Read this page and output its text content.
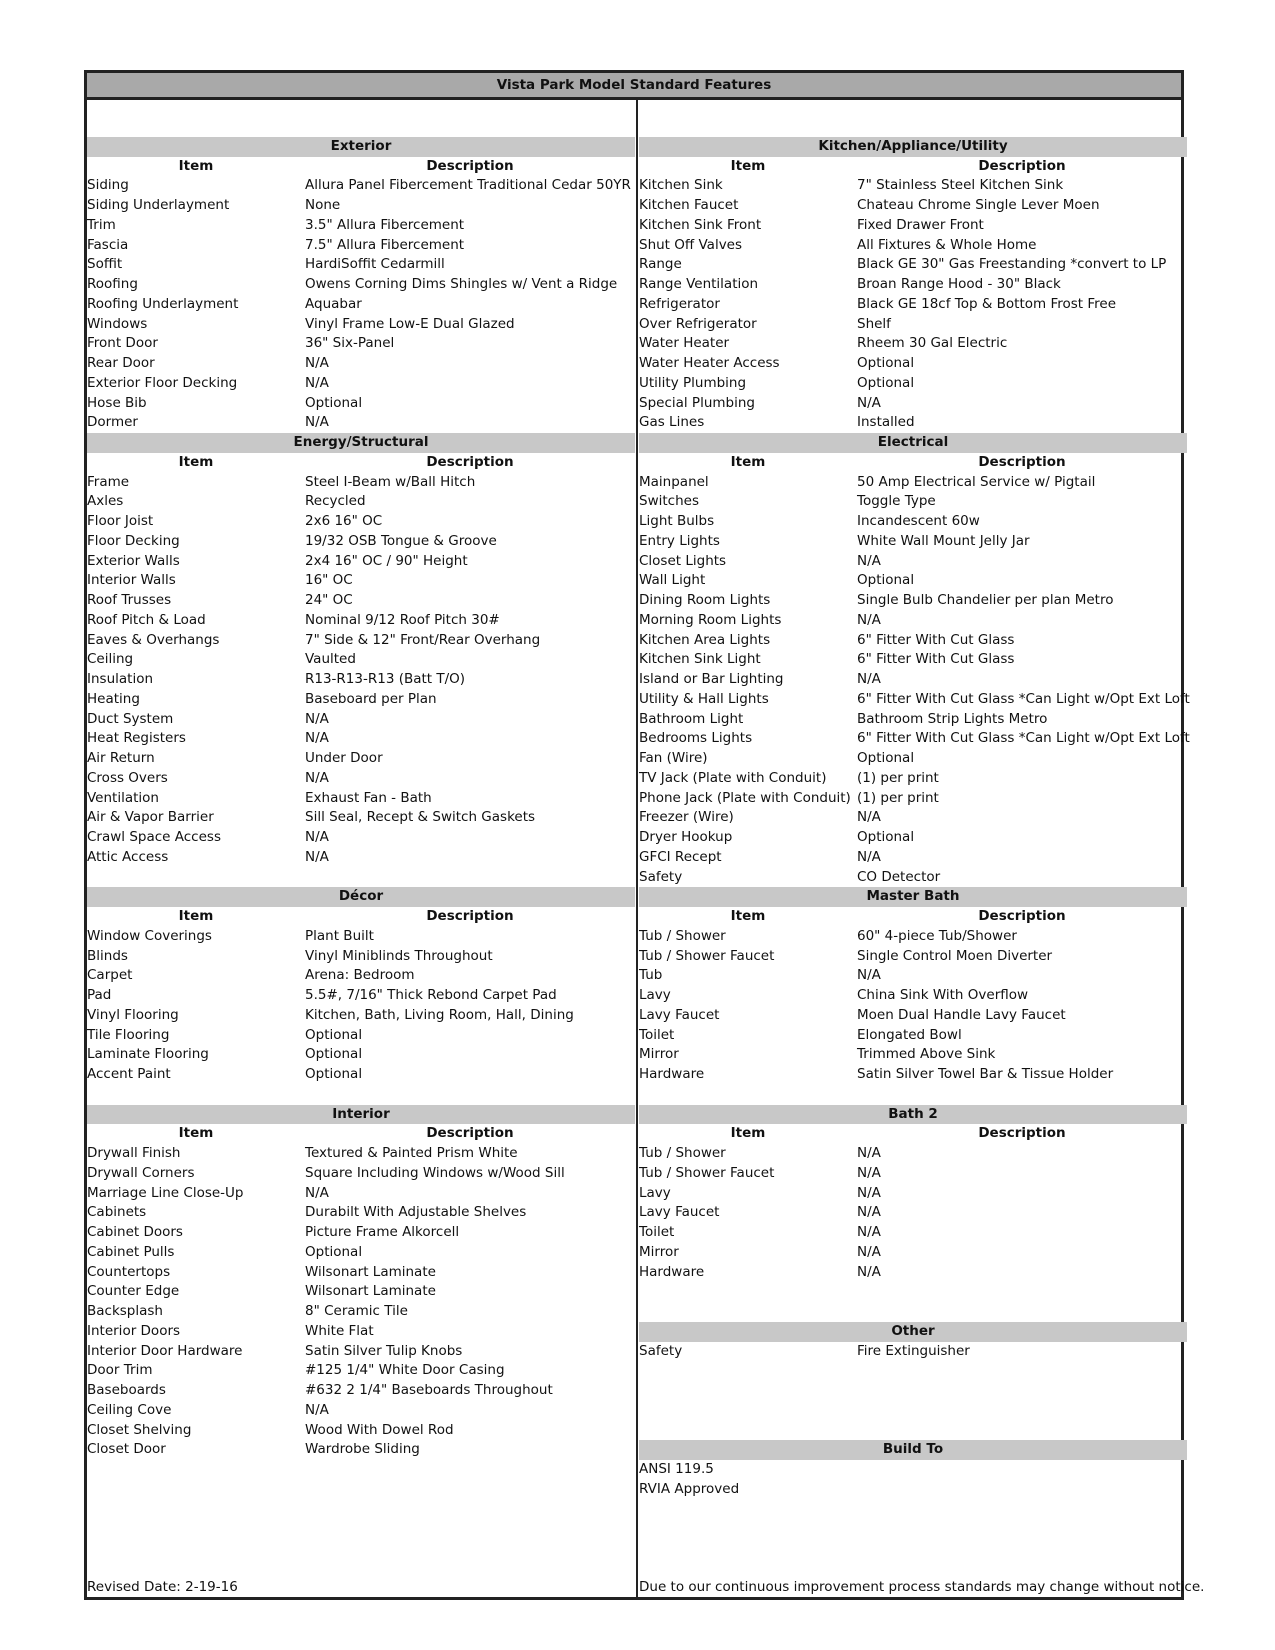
Vista Park Model Standard Features
Exterior
Item	Description
Siding	Allura Panel Fibercement Traditional Cedar 50YR
Siding Underlayment	None
Trim	3.5" Allura Fibercement
Fascia	7.5" Allura Fibercement
Soffit	HardiSoffit Cedarmill
Roofing	Owens Corning Dims Shingles w/ Vent a Ridge
Roofing Underlayment	Aquabar
Windows	Vinyl Frame Low-E Dual Glazed
Front Door	36" Six-Panel
Rear Door	N/A
Exterior Floor Decking	N/A
Hose Bib	Optional
Dormer	N/A
Energy/Structural
Item	Description
Frame	Steel I-Beam w/Ball Hitch
Axles	Recycled
Floor Joist	2x6 16" OC
Floor Decking	19/32 OSB Tongue & Groove
Exterior Walls	2x4 16" OC / 90" Height
Interior Walls	16" OC
Roof Trusses	24" OC
Roof Pitch & Load	Nominal 9/12 Roof Pitch 30#
Eaves & Overhangs	7" Side & 12" Front/Rear Overhang
Ceiling	Vaulted
Insulation	R13-R13-R13 (Batt T/O)
Heating	Baseboard per Plan
Duct System	N/A
Heat Registers	N/A
Air Return	Under Door
Cross Overs	N/A
Ventilation	Exhaust Fan - Bath
Air & Vapor Barrier	Sill Seal, Recept & Switch Gaskets
Crawl Space Access	N/A
Attic Access	N/A
Décor
Item	Description
Window Coverings	Plant Built
Blinds	Vinyl Miniblinds Throughout
Carpet	Arena: Bedroom
Pad	5.5#, 7/16" Thick Rebond Carpet Pad
Vinyl Flooring	Kitchen, Bath, Living Room, Hall, Dining
Tile Flooring	Optional
Laminate Flooring	Optional
Accent Paint	Optional
Interior
Item	Description
Drywall Finish	Textured & Painted Prism White
Drywall Corners	Square Including Windows w/Wood Sill
Marriage Line Close-Up	N/A
Cabinets	Durabilt With Adjustable Shelves
Cabinet Doors	Picture Frame Alkorcell
Cabinet Pulls	Optional
Countertops	Wilsonart Laminate
Counter Edge	Wilsonart Laminate
Backsplash	8" Ceramic Tile
Interior Doors	White Flat
Interior Door Hardware	Satin Silver Tulip Knobs
Door Trim	#125 1/4" White Door Casing
Baseboards	#632 2 1/4" Baseboards Throughout
Ceiling Cove	N/A
Closet Shelving	Wood With Dowel Rod
Closet Door	Wardrobe Sliding
Kitchen/Appliance/Utility
Item	Description
Kitchen Sink	7" Stainless Steel Kitchen Sink
Kitchen Faucet	Chateau Chrome Single Lever Moen
Kitchen Sink Front	Fixed Drawer Front
Shut Off Valves	All Fixtures & Whole Home
Range	Black GE 30" Gas Freestanding *convert to LP
Range Ventilation	Broan Range Hood - 30" Black
Refrigerator	Black GE 18cf Top & Bottom Frost Free
Over Refrigerator	Shelf
Water Heater	Rheem 30 Gal Electric
Water Heater Access	Optional
Utility Plumbing	Optional
Special Plumbing	N/A
Gas Lines	Installed
Electrical
Item	Description
Mainpanel	50 Amp Electrical Service w/ Pigtail
Switches	Toggle Type
Light Bulbs	Incandescent 60w
Entry Lights	White Wall Mount Jelly Jar
Closet Lights	N/A
Wall Light	Optional
Dining Room Lights	Single Bulb Chandelier per plan Metro
Morning Room Lights	N/A
Kitchen Area Lights	6" Fitter With Cut Glass
Kitchen Sink Light	6" Fitter With Cut Glass
Island or Bar Lighting	N/A
Utility & Hall Lights	6" Fitter With Cut Glass *Can Light w/Opt Ext Loft
Bathroom Light	Bathroom Strip Lights Metro
Bedrooms Lights	6" Fitter With Cut Glass *Can Light w/Opt Ext Loft
Fan (Wire)	Optional
TV Jack (Plate with Conduit) (1) per print
Phone Jack (Plate with Conduit) (1) per print
Freezer (Wire)	N/A
Dryer Hookup	Optional
GFCI Recept	N/A
Safety	CO Detector
Master Bath
Item	Description
Tub / Shower	60" 4-piece Tub/Shower
Tub / Shower Faucet	Single Control Moen Diverter
Tub	N/A
Lavy	China Sink With Overflow
Lavy Faucet	Moen Dual Handle Lavy Faucet
Toilet	Elongated Bowl
Mirror	Trimmed Above Sink
Hardware	Satin Silver Towel Bar & Tissue Holder
Bath 2
Item	Description
Tub / Shower	N/A
Tub / Shower Faucet	N/A
Lavy	N/A
Lavy Faucet	N/A
Toilet	N/A
Mirror	N/A
Hardware	N/A
Other
Safety	Fire Extinguisher
Build To
ANSI 119.5
RVIA Approved
Revised Date: 2-19-16	Due to our continuous improvement process standards may change without notice.
